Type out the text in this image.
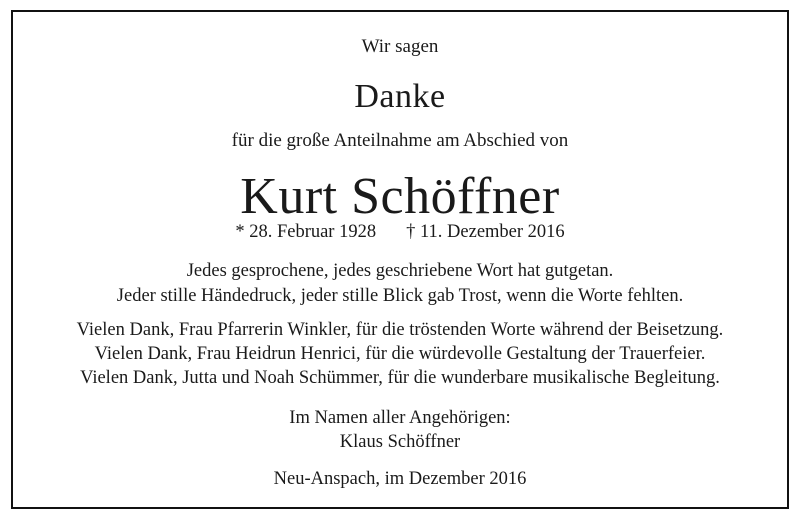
Wir sagen
Danke
für die große Anteilnahme am Abschied von
Kurt Schöffner
* 28. Februar 1928 † 11. Dezember 2016
Jedes gesprochene, jedes geschriebene Wort hat gutgetan.
Jeder stille Händedruck, jeder stille Blick gab Trost, wenn die Worte fehlten.
Vielen Dank, Frau Pfarrerin Winkler, für die tröstenden Worte während der Beisetzung.
Vielen Dank, Frau Heidrun Henrici, für die würdevolle Gestaltung der Trauerfeier.
Vielen Dank, Jutta und Noah Schümmer, für die wunderbare musikalische Begleitung.
Im Namen aller Angehörigen:
Klaus Schöffner
Neu-Anspach, im Dezember 2016
